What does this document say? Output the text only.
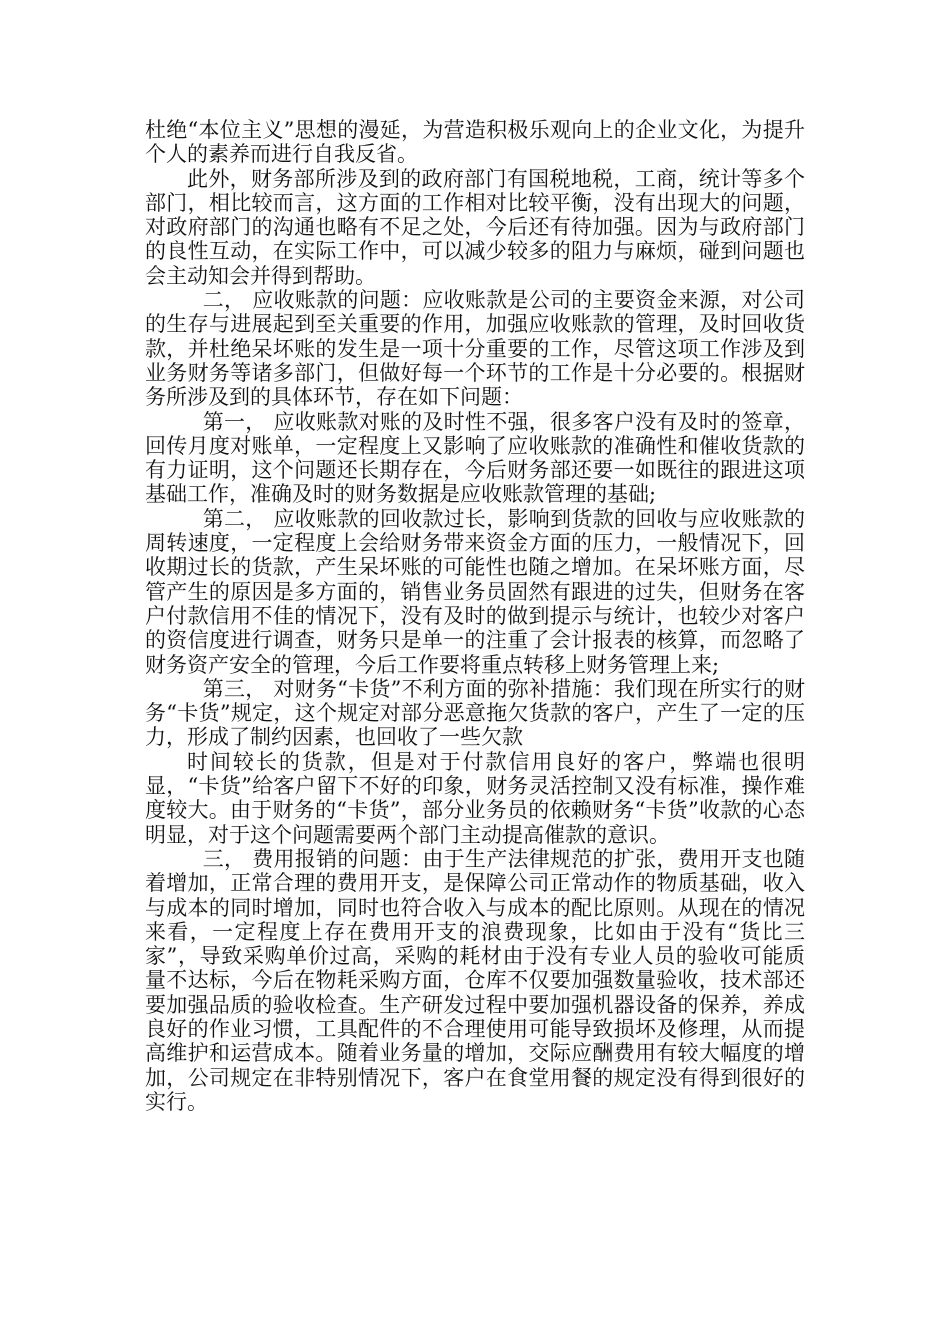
杜绝“本位主义”思想的漫延，为营造积极乐观向上的企业文化，为提升个人的素养而进行自我反省。

此外，财务部所涉及到的政府部门有国税地税，工商，统计等多个部门，相比较而言，这方面的工作相对比较平衡，没有出现大的问题，对政府部门的沟通也略有不足之处，今后还有待加强。因为与政府部门的良性互动，在实际工作中，可以减少较多的阻力与麻烦，碰到问题也会主动知会并得到帮助。

二， 应收账款的问题：应收账款是公司的主要资金来源，对公司的生存与进展起到至关重要的作用，加强应收账款的管理，及时回收货款，并杜绝呆坏账的发生是一项十分重要的工作，尽管这项工作涉及到业务财务等诸多部门，但做好每一个环节的工作是十分必要的。根据财务所涉及到的具体环节，存在如下问题：

第一， 应收账款对账的及时性不强，很多客户没有及时的签章，回传月度对账单，一定程度上又影响了应收账款的准确性和催收货款的有力证明，这个问题还长期存在，今后财务部还要一如既往的跟进这项基础工作，准确及时的财务数据是应收账款管理的基础;

第二， 应收账款的回收款过长，影响到货款的回收与应收账款的周转速度，一定程度上会给财务带来资金方面的压力，一般情况下，回收期过长的货款，产生呆坏账的可能性也随之增加。在呆坏账方面，尽管产生的原因是多方面的，销售业务员固然有跟进的过失，但财务在客户付款信用不佳的情况下，没有及时的做到提示与统计，也较少对客户的资信度进行调查，财务只是单一的注重了会计报表的核算，而忽略了财务资产安全的管理，今后工作要将重点转移上财务管理上来;

第三， 对财务“卡货”不利方面的弥补措施：我们现在所实行的财务“卡货”规定，这个规定对部分恶意拖欠货款的客户，产生了一定的压力，形成了制约因素，也回收了一些欠款

时间较长的货款，但是对于付款信用良好的客户，弊端也很明显，“卡货”给客户留下不好的印象，财务灵活控制又没有标准，操作难度较大。由于财务的“卡货”，部分业务员的依赖财务“卡货”收款的心态明显，对于这个问题需要两个部门主动提高催款的意识。

三， 费用报销的问题：由于生产法律规范的扩张，费用开支也随着增加，正常合理的费用开支，是保障公司正常动作的物质基础，收入与成本的同时增加，同时也符合收入与成本的配比原则。从现在的情况来看，一定程度上存在费用开支的浪费现象，比如由于没有“货比三家”，导致采购单价过高，采购的耗材由于没有专业人员的验收可能质量不达标，今后在物耗采购方面，仓库不仅要加强数量验收，技术部还要加强品质的验收检查。生产研发过程中要加强机器设备的保养，养成良好的作业习惯，工具配件的不合理使用可能导致损坏及修理，从而提高维护和运营成本。随着业务量的增加，交际应酬费用有较大幅度的增加，公司规定在非特别情况下，客户在食堂用餐的规定没有得到很好的实行。
